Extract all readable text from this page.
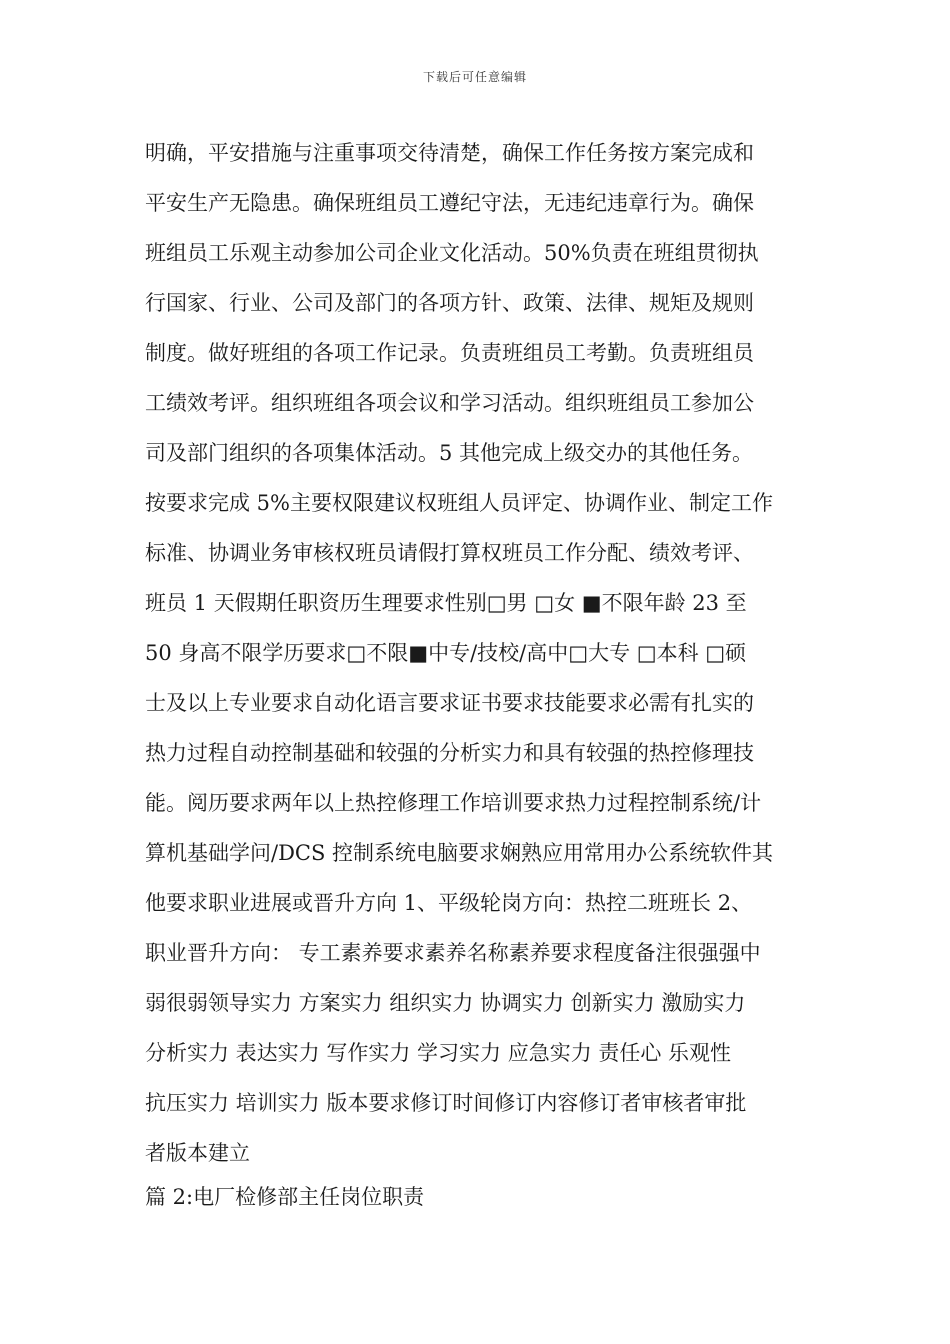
下载后可任意编辑
明确，平安措施与注重事项交待清楚，确保工作任务按方案完成和
平安生产无隐患。确保班组员工遵纪守法，无违纪违章行为。确保
班组员工乐观主动参加公司企业文化活动。50%负责在班组贯彻执
行国家、行业、公司及部门的各项方针、政策、法律、规矩及规则
制度。做好班组的各项工作记录。负责班组员工考勤。负责班组员
工绩效考评。组织班组各项会议和学习活动。组织班组员工参加公
司及部门组织的各项集体活动。5 其他完成上级交办的其他任务。
按要求完成 5%主要权限建议权班组人员评定、协调作业、制定工作
标准、协调业务审核权班员请假打算权班员工作分配、绩效考评、
班员 1 天假期任职资历生理要求性别□男 □女 ■不限年龄 23 至
50 身高不限学历要求□不限■中专/技校/高中□大专 □本科 □硕
士及以上专业要求自动化语言要求证书要求技能要求必需有扎实的
热力过程自动控制基础和较强的分析实力和具有较强的热控修理技
能。阅历要求两年以上热控修理工作培训要求热力过程控制系统/计
算机基础学问/DCS 控制系统电脑要求娴熟应用常用办公系统软件其
他要求职业进展或晋升方向 1、平级轮岗方向：热控二班班长 2、
职业晋升方向： 专工素养要求素养名称素养要求程度备注很强强中
弱很弱领导实力 方案实力 组织实力 协调实力 创新实力 激励实力
分析实力 表达实力 写作实力 学习实力 应急实力 责任心 乐观性
抗压实力 培训实力 版本要求修订时间修订内容修订者审核者审批
者版本建立
篇 2:电厂检修部主任岗位职责
